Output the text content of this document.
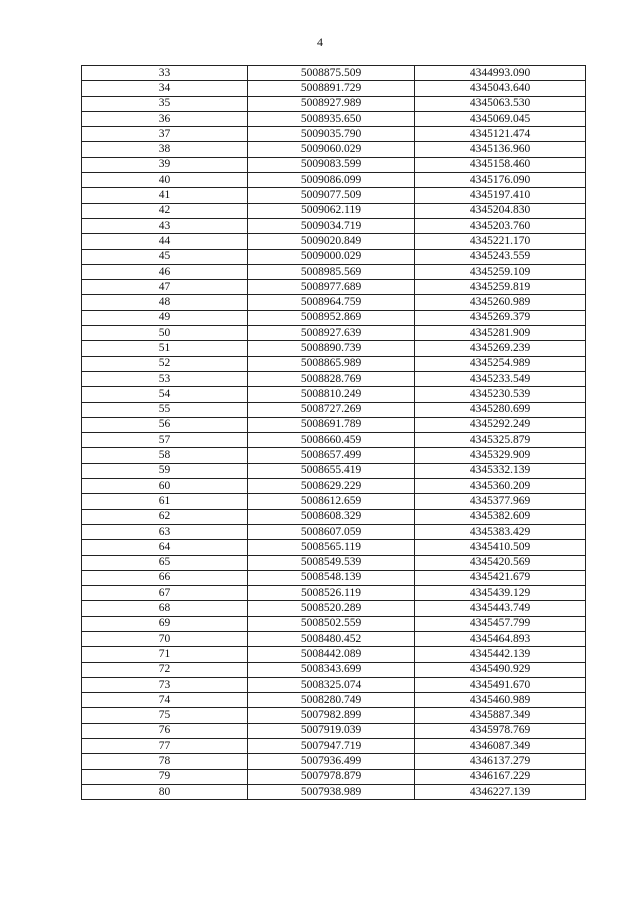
4
33	5008875.509	4344993.090
34	5008891.729	4345043.640
35	5008927.989	4345063.530
36	5008935.650	4345069.045
37	5009035.790	4345121.474
38	5009060.029	4345136.960
39	5009083.599	4345158.460
40	5009086.099	4345176.090
41	5009077.509	4345197.410
42	5009062.119	4345204.830
43	5009034.719	4345203.760
44	5009020.849	4345221.170
45	5009000.029	4345243.559
46	5008985.569	4345259.109
47	5008977.689	4345259.819
48	5008964.759	4345260.989
49	5008952.869	4345269.379
50	5008927.639	4345281.909
51	5008890.739	4345269.239
52	5008865.989	4345254.989
53	5008828.769	4345233.549
54	5008810.249	4345230.539
55	5008727.269	4345280.699
56	5008691.789	4345292.249
57	5008660.459	4345325.879
58	5008657.499	4345329.909
59	5008655.419	4345332.139
60	5008629.229	4345360.209
61	5008612.659	4345377.969
62	5008608.329	4345382.609
63	5008607.059	4345383.429
64	5008565.119	4345410.509
65	5008549.539	4345420.569
66	5008548.139	4345421.679
67	5008526.119	4345439.129
68	5008520.289	4345443.749
69	5008502.559	4345457.799
70	5008480.452	4345464.893
71	5008442.089	4345442.139
72	5008343.699	4345490.929
73	5008325.074	4345491.670
74	5008280.749	4345460.989
75	5007982.899	4345887.349
76	5007919.039	4345978.769
77	5007947.719	4346087.349
78	5007936.499	4346137.279
79	5007978.879	4346167.229
80	5007938.989	4346227.139
